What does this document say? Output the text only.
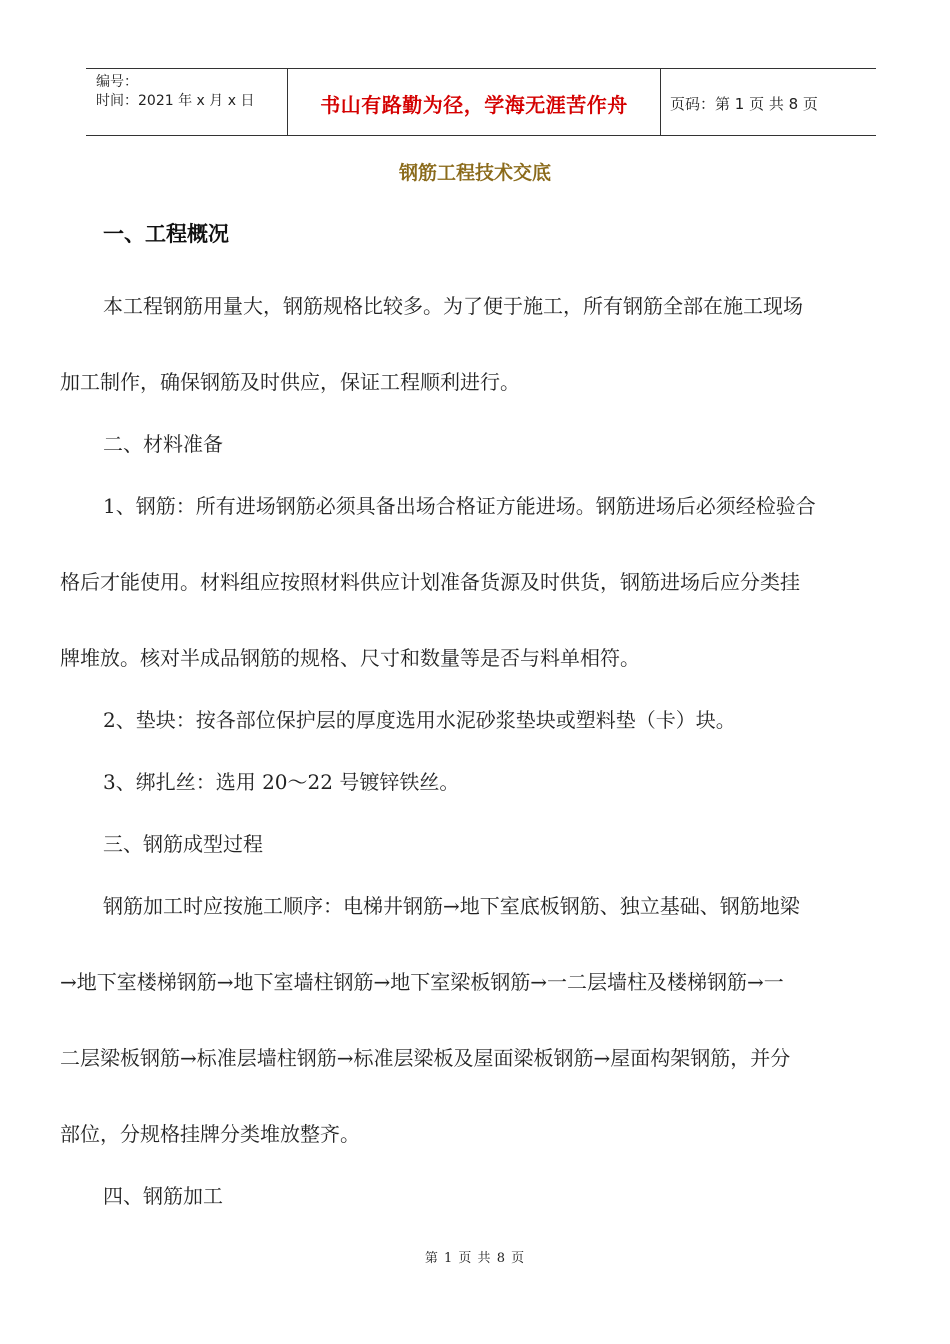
编号：
时间：2021 年 x 月 x 日	书山有路勤为径，学海无涯苦作舟	页码：第 1 页 共 8 页
钢筋工程技术交底
一、工程概况
本工程钢筋用量大，钢筋规格比较多。为了便于施工，所有钢筋全部在施工现场
加工制作，确保钢筋及时供应，保证工程顺利进行。
二、材料准备
1、钢筋：所有进场钢筋必须具备出场合格证方能进场。钢筋进场后必须经检验合
格后才能使用。材料组应按照材料供应计划准备货源及时供货，钢筋进场后应分类挂
牌堆放。核对半成品钢筋的规格、尺寸和数量等是否与料单相符。
2、垫块：按各部位保护层的厚度选用水泥砂浆垫块或塑料垫（卡）块。
3、绑扎丝：选用 20～22 号镀锌铁丝。
三、钢筋成型过程
钢筋加工时应按施工顺序：电梯井钢筋→地下室底板钢筋、独立基础、钢筋地梁
→地下室楼梯钢筋→地下室墙柱钢筋→地下室梁板钢筋→一二层墙柱及楼梯钢筋→一
二层梁板钢筋→标准层墙柱钢筋→标准层梁板及屋面梁板钢筋→屋面构架钢筋，并分
部位，分规格挂牌分类堆放整齐。
四、钢筋加工
第 1 页 共 8 页
